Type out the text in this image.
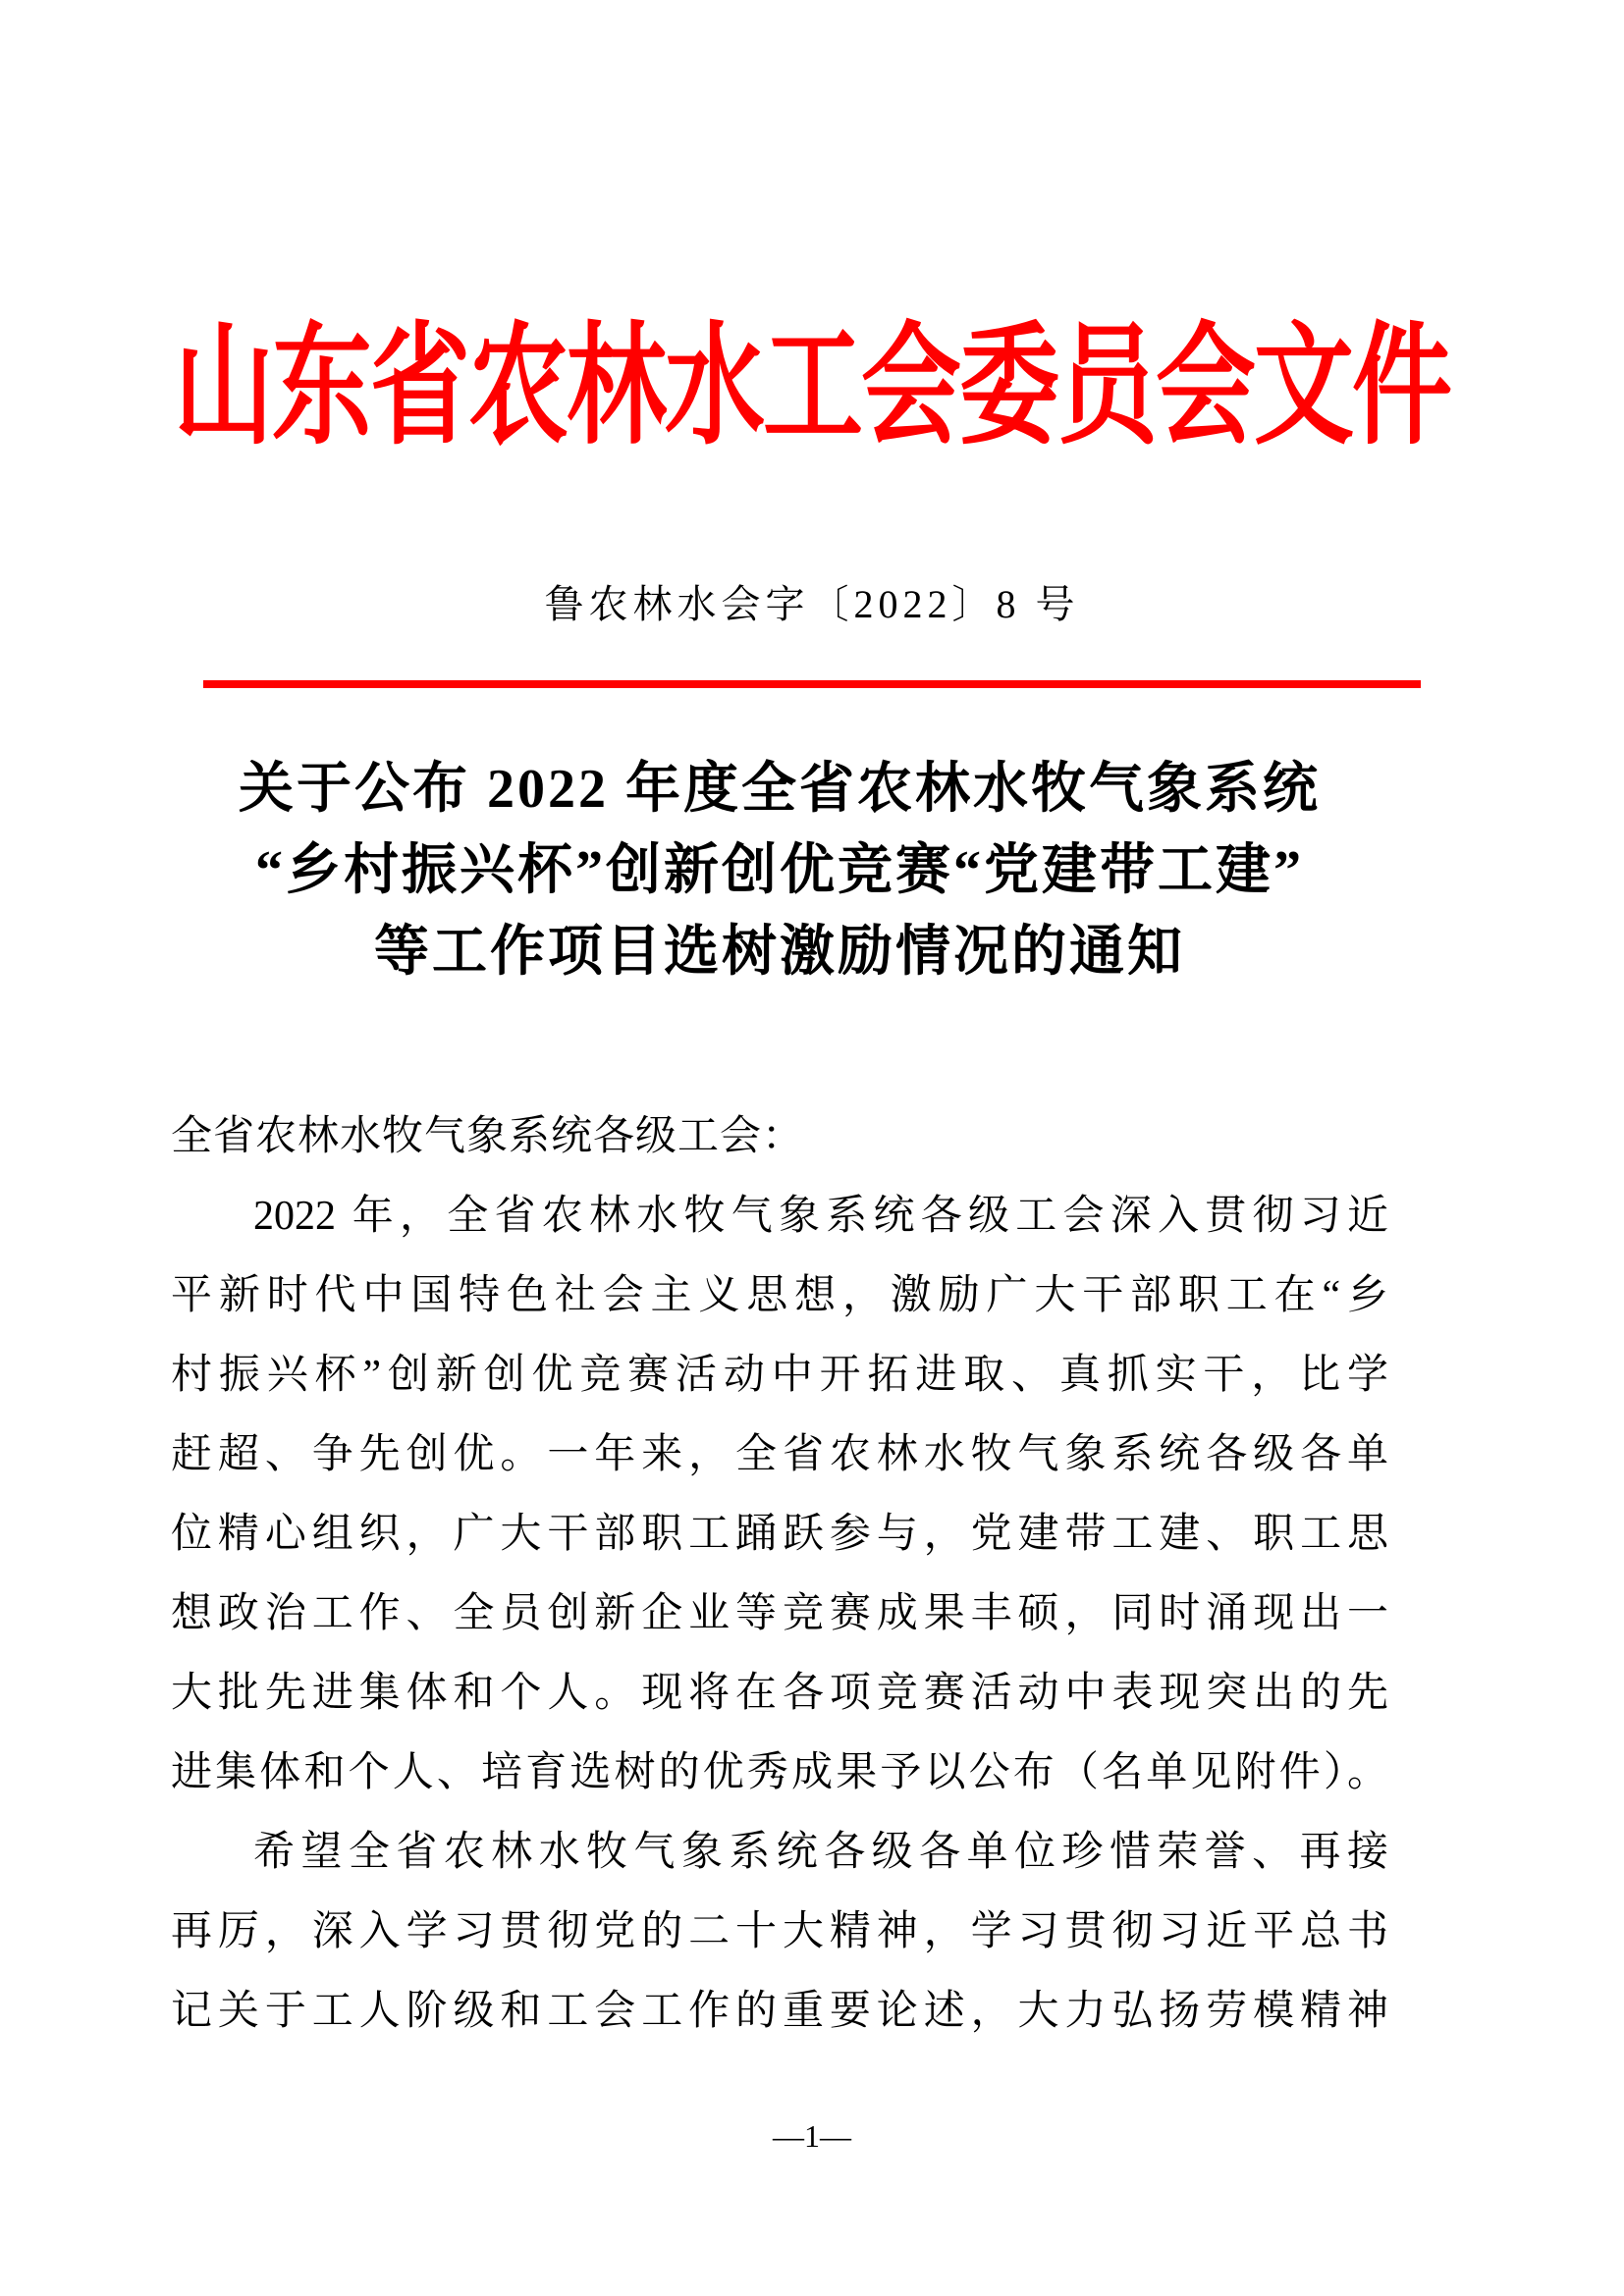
山东省农林水工会委员会文件
鲁农林水会字〔2022〕8 号
关于公布 2022 年度全省农林水牧气象系统
“乡村振兴杯”创新创优竞赛“党建带工建”
等工作项目选树激励情况的通知
全省农林水牧气象系统各级工会：
2022 年，全省农林水牧气象系统各级工会深入贯彻习近
平新时代中国特色社会主义思想，激励广大干部职工在“乡
村振兴杯”创新创优竞赛活动中开拓进取、真抓实干，比学
赶超、争先创优。一年来，全省农林水牧气象系统各级各单
位精心组织，广大干部职工踊跃参与，党建带工建、职工思
想政治工作、全员创新企业等竞赛成果丰硕，同时涌现出一
大批先进集体和个人。现将在各项竞赛活动中表现突出的先
进集体和个人、培育选树的优秀成果予以公布（名单见附件）。
希望全省农林水牧气象系统各级各单位珍惜荣誉、再接
再厉，深入学习贯彻党的二十大精神，学习贯彻习近平总书
记关于工人阶级和工会工作的重要论述，大力弘扬劳模精神
—1—
